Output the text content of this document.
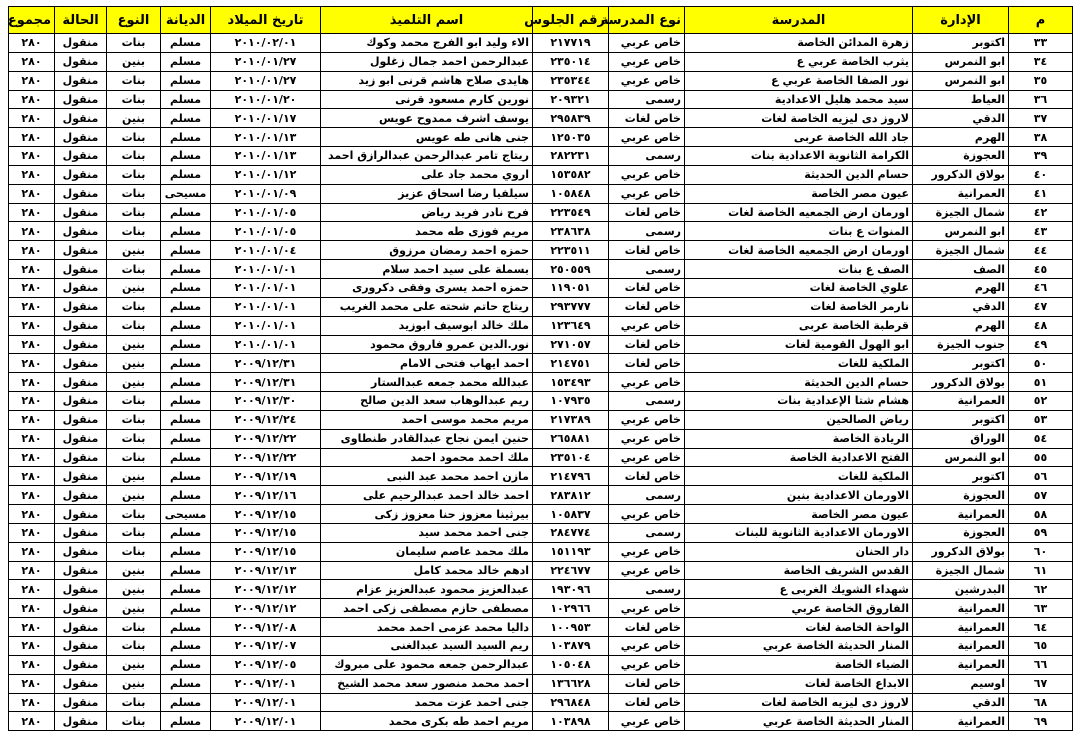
م	الإدارة	المدرسة	نوع المدرسة	رقم الجلوس	اسم التلميذ	تاريخ الميلاد	الديانة	النوع	الحالة	مجموع
٣٣	اكتوبر	زهرة المدائن الخاصة	خاص عربي	٢١٧٧١٩	الاء وليد ابو الفرج محمد وكوك	٢٠١٠/٠٢/٠١	مسلم	بنات	منقول	٢٨٠
٣٤	ابو النمرس	يثرب الخاصة عربي ع	خاص عربي	٢٣٥٠١٤	عبدالرحمن احمد جمال زغلول	٢٠١٠/٠١/٢٧	مسلم	بنين	منقول	٢٨٠
٣٥	ابو النمرس	نور الصفا الخاصة عربي ع	خاص عربي	٢٣٥٣٤٤	هايدى صلاح هاشم قرنى ابو زيد	٢٠١٠/٠١/٢٧	مسلم	بنات	منقول	٢٨٠
٣٦	العياط	سيد محمد هليل الاعدادية	رسمى	٢٠٩٣٢١	نورين كارم مسعود قرنى	٢٠١٠/٠١/٢٠	مسلم	بنات	منقول	٢٨٠
٣٧	الدقي	لاروز دى ليزيه الخاصة لغات	خاص لغات	٢٩٥٨٣٩	يوسف اشرف ممدوح عويس	٢٠١٠/٠١/١٧	مسلم	بنين	منقول	٢٨٠
٣٨	الهرم	جاد الله الخاصة عربى	خاص عربي	١٢٥٠٣٥	جنى هانى طه عويس	٢٠١٠/٠١/١٣	مسلم	بنات	منقول	٢٨٠
٣٩	العجوزة	الكرامة الثانوية الاعدادية بنات	رسمى	٢٨٢٢٣١	ريتاج تامر عبدالرحمن عبدالرازق احمد	٢٠١٠/٠١/١٣	مسلم	بنات	منقول	٢٨٠
٤٠	بولاق الدكرور	حسام الدين الحديثة	خاص عربي	١٥٣٥٨٢	اروي محمد جاد على	٢٠١٠/٠١/١٢	مسلم	بنات	منقول	٢٨٠
٤١	العمرانية	عيون مصر الخاصة	خاص عربي	١٠٥٨٤٨	سيلفيا رضا اسحاق عزيز	٢٠١٠/٠١/٠٩	مسيحى	بنات	منقول	٢٨٠
٤٢	شمال الجيزة	اورمان ارض الجمعيه الخاصة لغات	خاص لغات	٢٢٣٥٤٩	فرح نادر فريد رياض	٢٠١٠/٠١/٠٥	مسلم	بنات	منقول	٢٨٠
٤٣	ابو النمرس	المنوات ع بنات	رسمى	٢٣٨٦٣٨	مريم فوزى طه محمد	٢٠١٠/٠١/٠٥	مسلم	بنات	منقول	٢٨٠
٤٤	شمال الجيزة	اورمان ارض الجمعيه الخاصة لغات	خاص لغات	٢٢٣٥١١	حمزه احمد رمضان مرزوق	٢٠١٠/٠١/٠٤	مسلم	بنين	منقول	٢٨٠
٤٥	الصف	الصف ع بنات	رسمى	٢٥٠٥٥٩	بسملة على سيد احمد سلام	٢٠١٠/٠١/٠١	مسلم	بنات	منقول	٢٨٠
٤٦	الهرم	علوي الخاصة لغات	خاص لغات	١١٩٠٥١	حمزه احمد يسرى وفقى دكرورى	٢٠١٠/٠١/٠١	مسلم	بنين	منقول	٢٨٠
٤٧	الدقي	نارمر الخاصة لغات	خاص لغات	٢٩٣٧٧٧	ريتاج حاتم شحته على محمد الغريب	٢٠١٠/٠١/٠١	مسلم	بنات	منقول	٢٨٠
٤٨	الهرم	قرطبة الخاصة عربى	خاص عربي	١٢٣٦٤٩	ملك خالد ابوسيف ابوزيد	٢٠١٠/٠١/٠١	مسلم	بنات	منقول	٢٨٠
٤٩	جنوب الجيزة	ابو الهول القومية لغات	خاص لغات	٢٧١٠٥٧	نور.الدين عمرو فاروق محمود	٢٠١٠/٠١/٠١	مسلم	بنين	منقول	٢٨٠
٥٠	اكتوبر	الملكية للغات	خاص لغات	٢١٤٧٥١	احمد ايهاب فتحى الامام	٢٠٠٩/١٢/٣١	مسلم	بنين	منقول	٢٨٠
٥١	بولاق الدكرور	حسام الدين الحديثة	خاص عربي	١٥٣٤٩٣	عبدالله محمد جمعه عبدالستار	٢٠٠٩/١٢/٣١	مسلم	بنين	منقول	٢٨٠
٥٢	العمرانية	هشام شتا الإعدادية بنات	رسمى	١٠٧٩٣٥	ريم عبدالوهاب سعد الدين صالح	٢٠٠٩/١٢/٣٠	مسلم	بنات	منقول	٢٨٠
٥٣	اكتوبر	رياض الصالحين	خاص عربي	٢١٧٣٨٩	مريم محمد موسى احمد	٢٠٠٩/١٢/٢٤	مسلم	بنات	منقول	٢٨٠
٥٤	الوراق	الريادة الخاصة	خاص عربي	٢٦٥٨٨١	حنين ايمن نجاح عبدالقادر طنطاوى	٢٠٠٩/١٢/٢٢	مسلم	بنات	منقول	٢٨٠
٥٥	ابو النمرس	الفتح الاعدادية الخاصة	خاص عربي	٢٣٥١٠٤	ملك احمد محمود احمد	٢٠٠٩/١٢/٢٢	مسلم	بنات	منقول	٢٨٠
٥٦	اكتوبر	الملكية للغات	خاص لغات	٢١٤٧٩٦	مازن احمد محمد عبد النبى	٢٠٠٩/١٢/١٩	مسلم	بنين	منقول	٢٨٠
٥٧	العجوزة	الاورمان الاعدادية بنين	رسمى	٢٨٣٨١٢	احمد خالد احمد عبدالرحيم على	٢٠٠٩/١٢/١٦	مسلم	بنين	منقول	٢٨٠
٥٨	العمرانية	عيون مصر الخاصة	خاص عربي	١٠٥٨٣٧	بيرثينا معزوز حنا معزوز زكى	٢٠٠٩/١٢/١٥	مسيحى	بنات	منقول	٢٨٠
٥٩	العجوزة	الاورمان الاعدادية الثانوية للبنات	رسمى	٢٨٤٧٧٤	جنى احمد محمد سيد	٢٠٠٩/١٢/١٥	مسلم	بنات	منقول	٢٨٠
٦٠	بولاق الدكرور	دار الحنان	خاص عربي	١٥١١٩٣	ملك محمد عاصم سليمان	٢٠٠٩/١٢/١٥	مسلم	بنات	منقول	٢٨٠
٦١	شمال الجيزة	القدس الشريف الخاصة	خاص عربي	٢٢٤٦٧٧	ادهم خالد محمد كامل	٢٠٠٩/١٢/١٣	مسلم	بنين	منقول	٢٨٠
٦٢	البدرشين	شهداء الشويك الغربى ع	رسمى	١٩٣٠٩٦	عبدالعزيز محمود عبدالعزيز عزام	٢٠٠٩/١٢/١٢	مسلم	بنين	منقول	٢٨٠
٦٣	العمرانية	الفاروق الخاصة عربي	خاص عربي	١٠٢٩٦٦	مصطفى حازم مصطفى زكى احمد	٢٠٠٩/١٢/١٢	مسلم	بنين	منقول	٢٨٠
٦٤	العمرانية	الواحة الخاصة لغات	خاص لغات	١٠٠٩٥٣	داليا محمد عزمى احمد محمد	٢٠٠٩/١٢/٠٨	مسلم	بنات	منقول	٢٨٠
٦٥	العمرانية	المنار الحديثة الخاصة عربي	خاص عربي	١٠٣٨٧٩	ريم السيد السيد عبدالغنى	٢٠٠٩/١٢/٠٧	مسلم	بنات	منقول	٢٨٠
٦٦	العمرانية	الضياء الخاصة	خاص عربي	١٠٥٠٤٨	عبدالرحمن جمعه محمود على مبروك	٢٠٠٩/١٢/٠٥	مسلم	بنين	منقول	٢٨٠
٦٧	اوسيم	الابداع الخاصة لغات	خاص لغات	١٣٦٦٢٨	احمد محمد منصور سعد محمد الشيخ	٢٠٠٩/١٢/٠١	مسلم	بنين	منقول	٢٨٠
٦٨	الدقي	لاروز دى ليزيه الخاصة لغات	خاص لغات	٢٩٦٨٤٨	جنى احمد عزت محمد	٢٠٠٩/١٢/٠١	مسلم	بنات	منقول	٢٨٠
٦٩	العمرانية	المنار الحديثة الخاصة عربي	خاص عربي	١٠٣٨٩٨	مريم احمد طه بكرى محمد	٢٠٠٩/١٢/٠١	مسلم	بنات	منقول	٢٨٠
